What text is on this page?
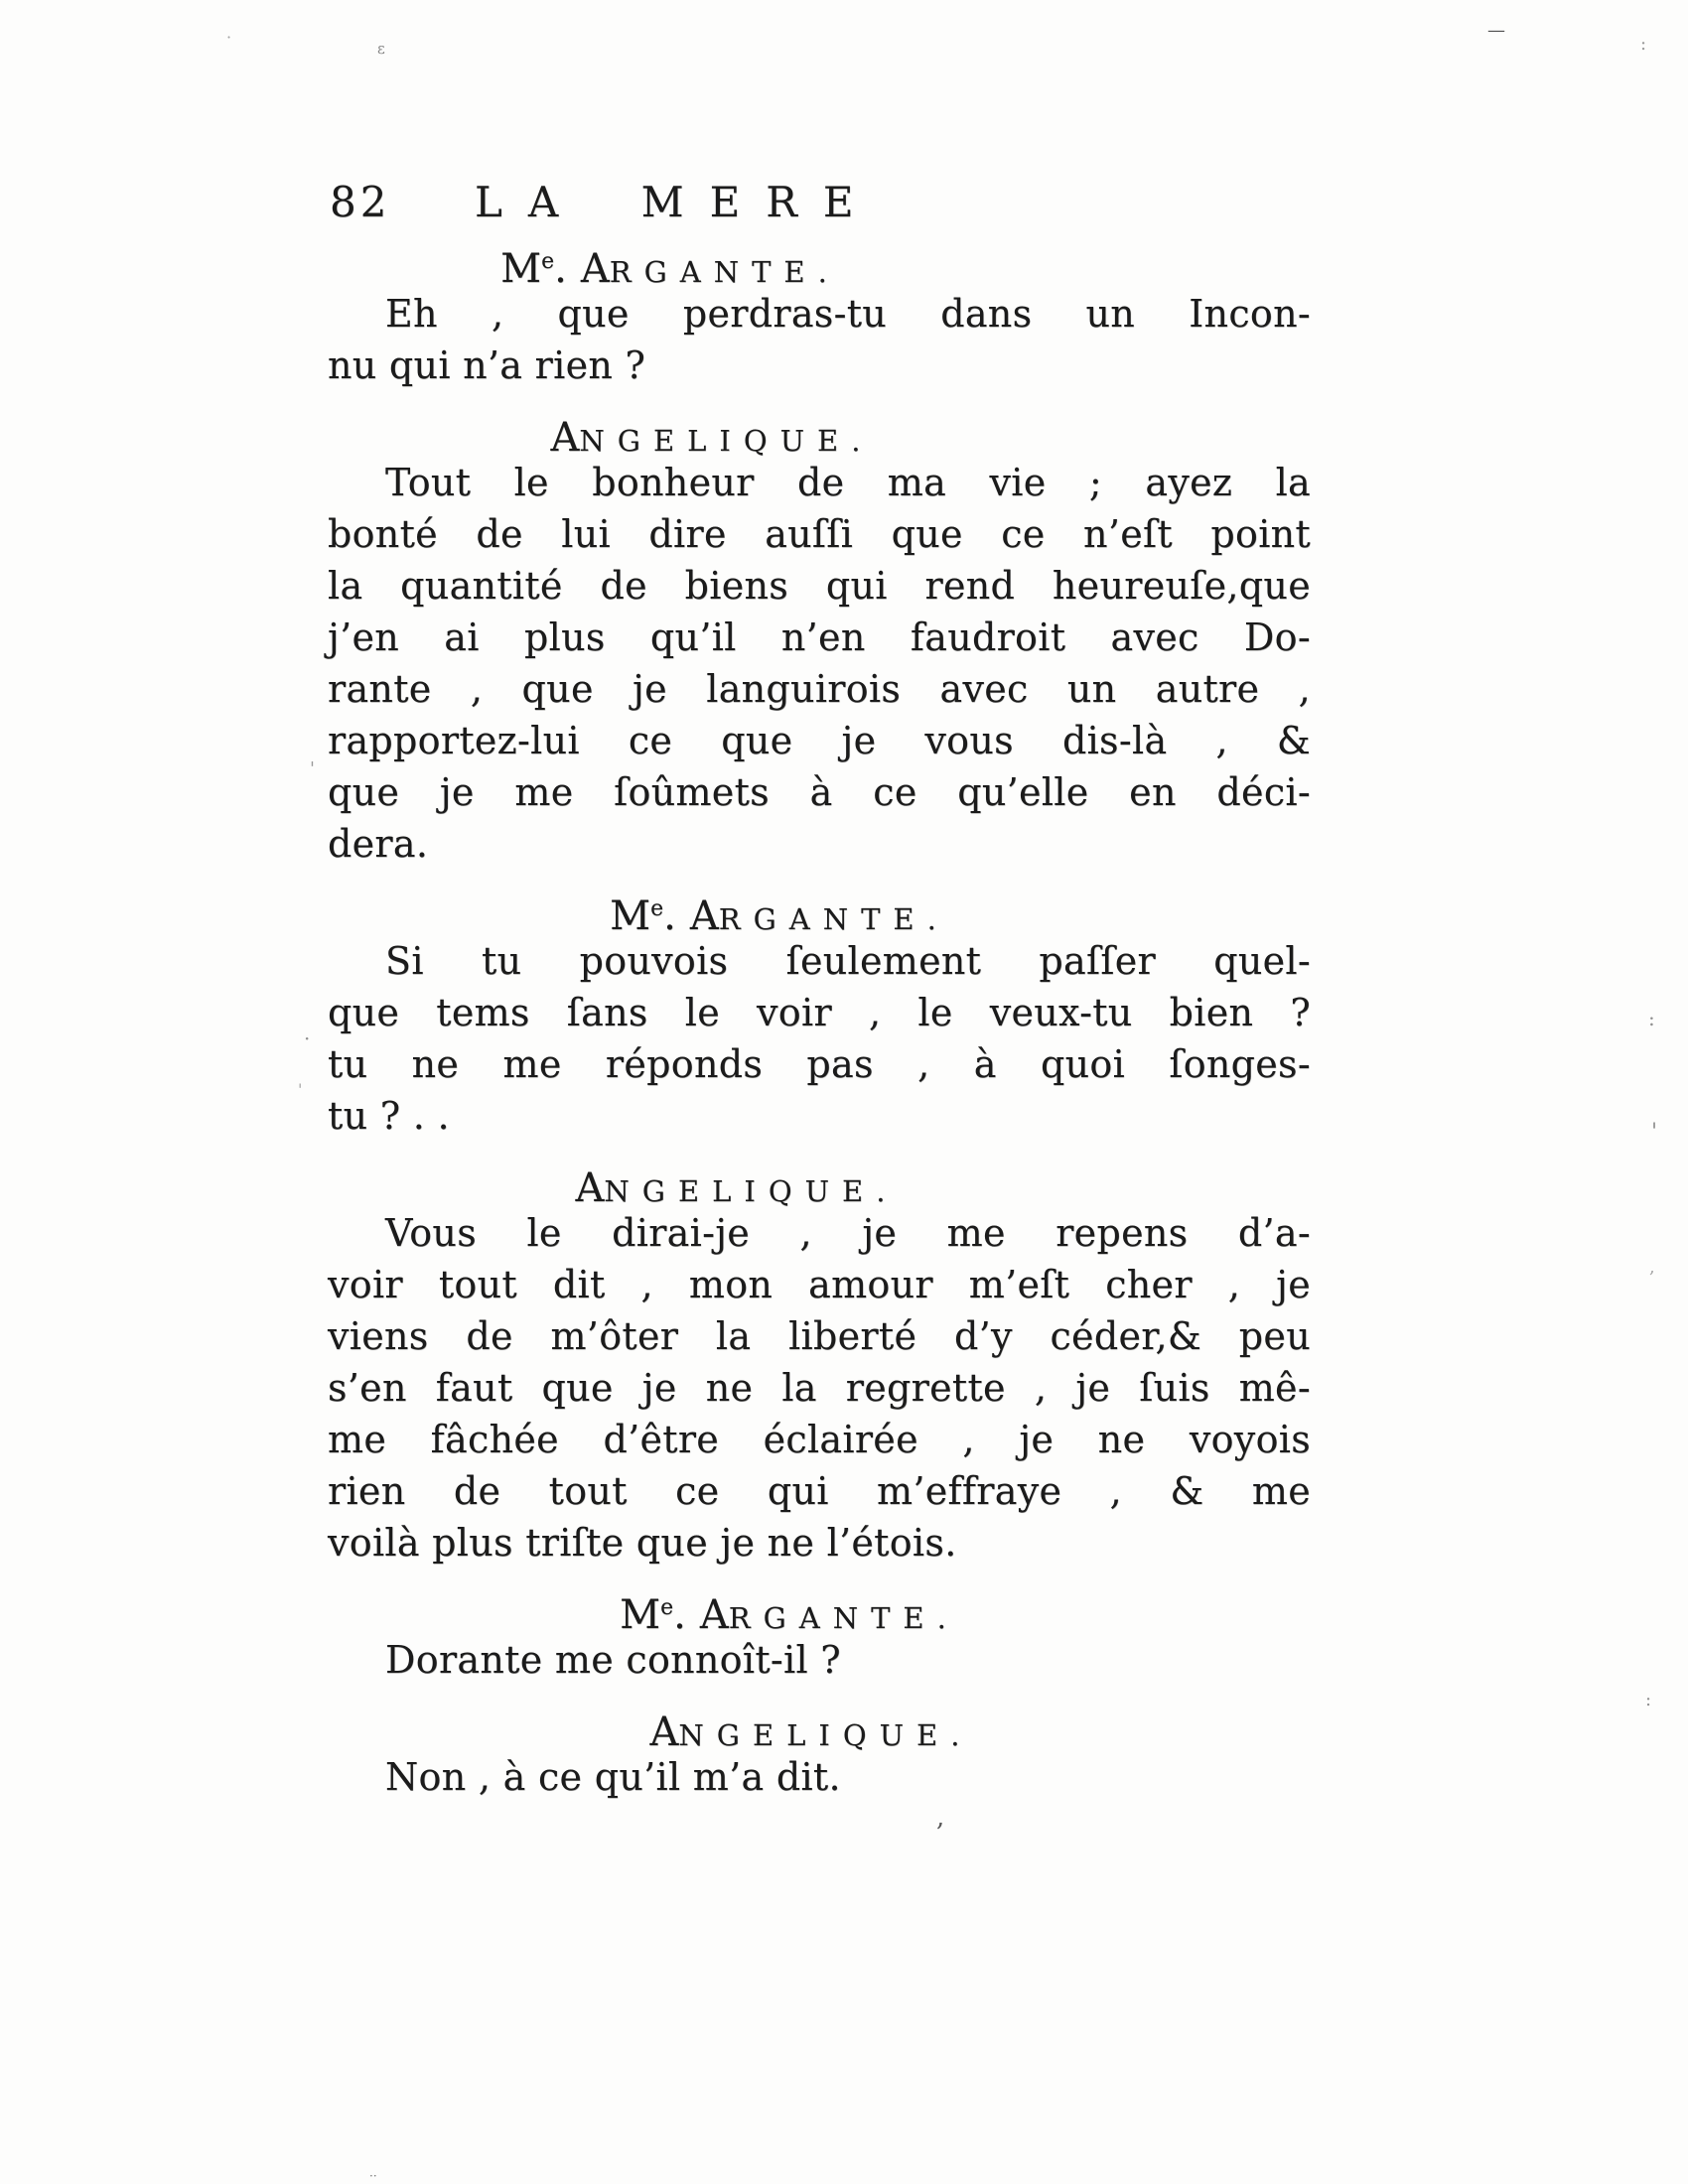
82 LA MERE
Me. ARGANTE.
Eh , que perdras-tu dans un Incon-
nu qui n’a rien ?
ANGELIQUE.
Tout le bonheur de ma vie ; ayez la
bonté de lui dire auſſi que ce n’eſt point
la quantité de biens qui rend heureuſe,que
j’en ai plus qu’il n’en faudroit avec Do-
rante , que je languirois avec un autre ,
rapportez-lui ce que je vous dis-là , &
que je me ſoûmets à ce qu’elle en déci-
dera.
Me. ARGANTE.
Si tu pouvois ſeulement paſſer quel-
que tems ſans le voir , le veux-tu bien ?
tu ne me réponds pas , à quoi ſonges-
tu ? . .
ANGELIQUE.
Vous le dirai-je , je me repens d’a-
voir tout dit , mon amour m’eſt cher , je
viens de m’ôter la liberté d’y céder,& peu
s’en faut que je ne la regrette , je ſuis mê-
me fâchée d’être éclairée , je ne voyois
rien de tout ce qui m’effraye , & me
voilà plus triſte que je ne l’étois.
Me. ARGANTE.
Dorante me connoît-il ?
ANGELIQUE.
Non , à ce qu’il m’a dit.
—
:
ε
·
'
·
'
:
'
,
:
,
··
